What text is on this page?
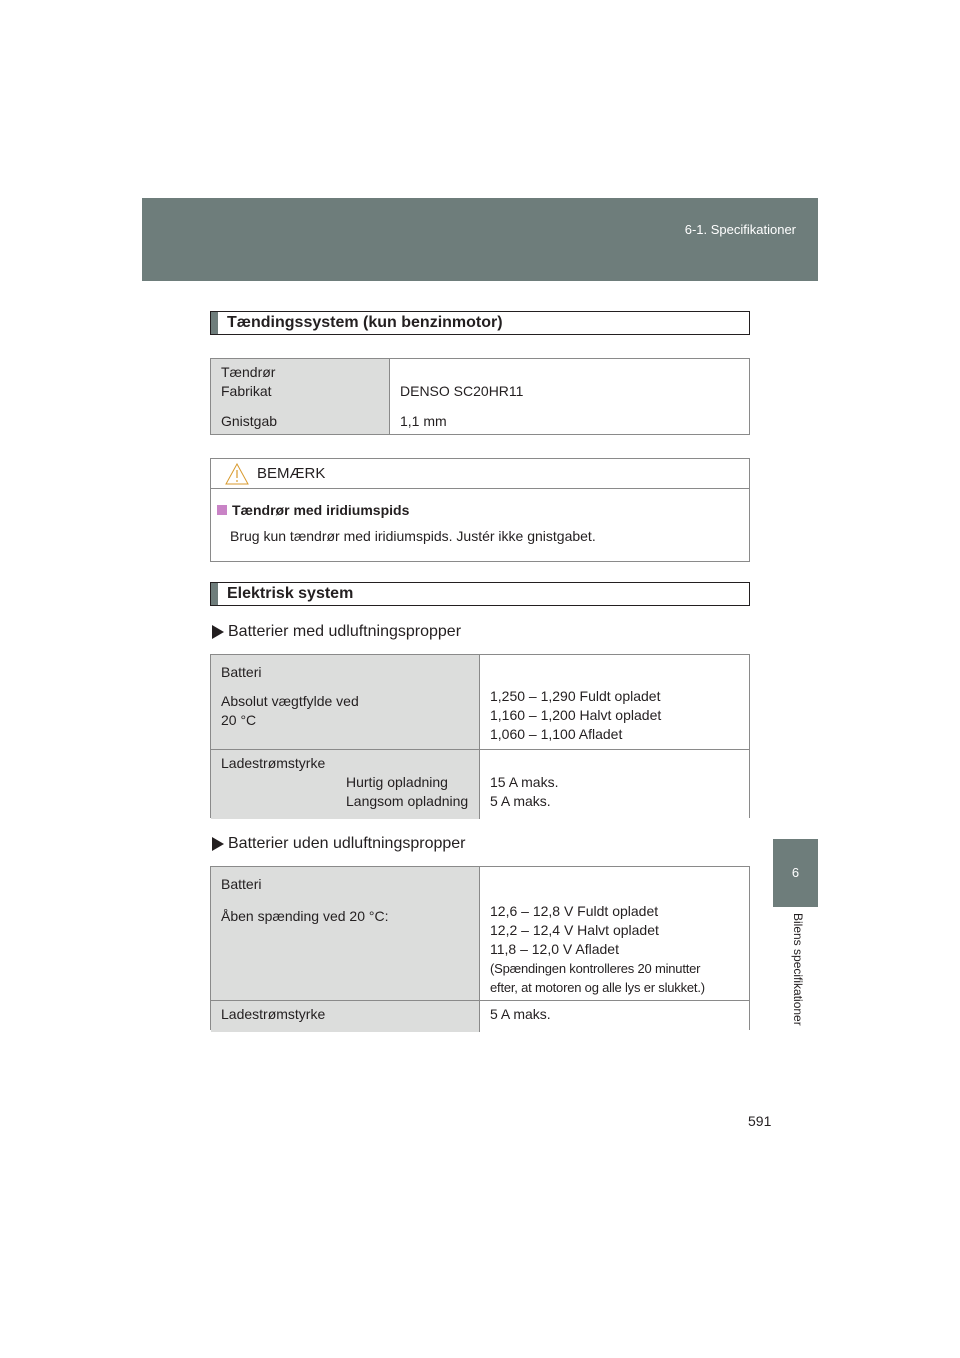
6-1. Specifikationer
6
Bilens specifikationer
591
Tændingssystem (kun benzinmotor)
Tændrør
Fabrikat
Gnistgab
DENSO SC20HR11
1,1 mm
BEMÆRK
Tændrør med iridiumspids
Brug kun tændrør med iridiumspids. Justér ikke gnistgabet.
Elektrisk system
Batterier med udluftningspropper
Batteri
Absolut vægtfylde ved
20 °C
1,250 – 1,290 Fuldt opladet
1,160 – 1,200 Halvt opladet
1,060 – 1,100 Afladet
Ladestrømstyrke
Hurtig opladning
Langsom opladning
15 A maks.
5 A maks.
Batterier uden udluftningspropper
Batteri
Åben spænding ved 20 °C:	12,6 – 12,8 V Fuldt opladet
12,2 – 12,4 V Halvt opladet
11,8 – 12,0 V Afladet
(Spændingen kontrolleres 20 minutter
efter, at motoren og alle lys er slukket.)
Ladestrømstyrke	5 A maks.
